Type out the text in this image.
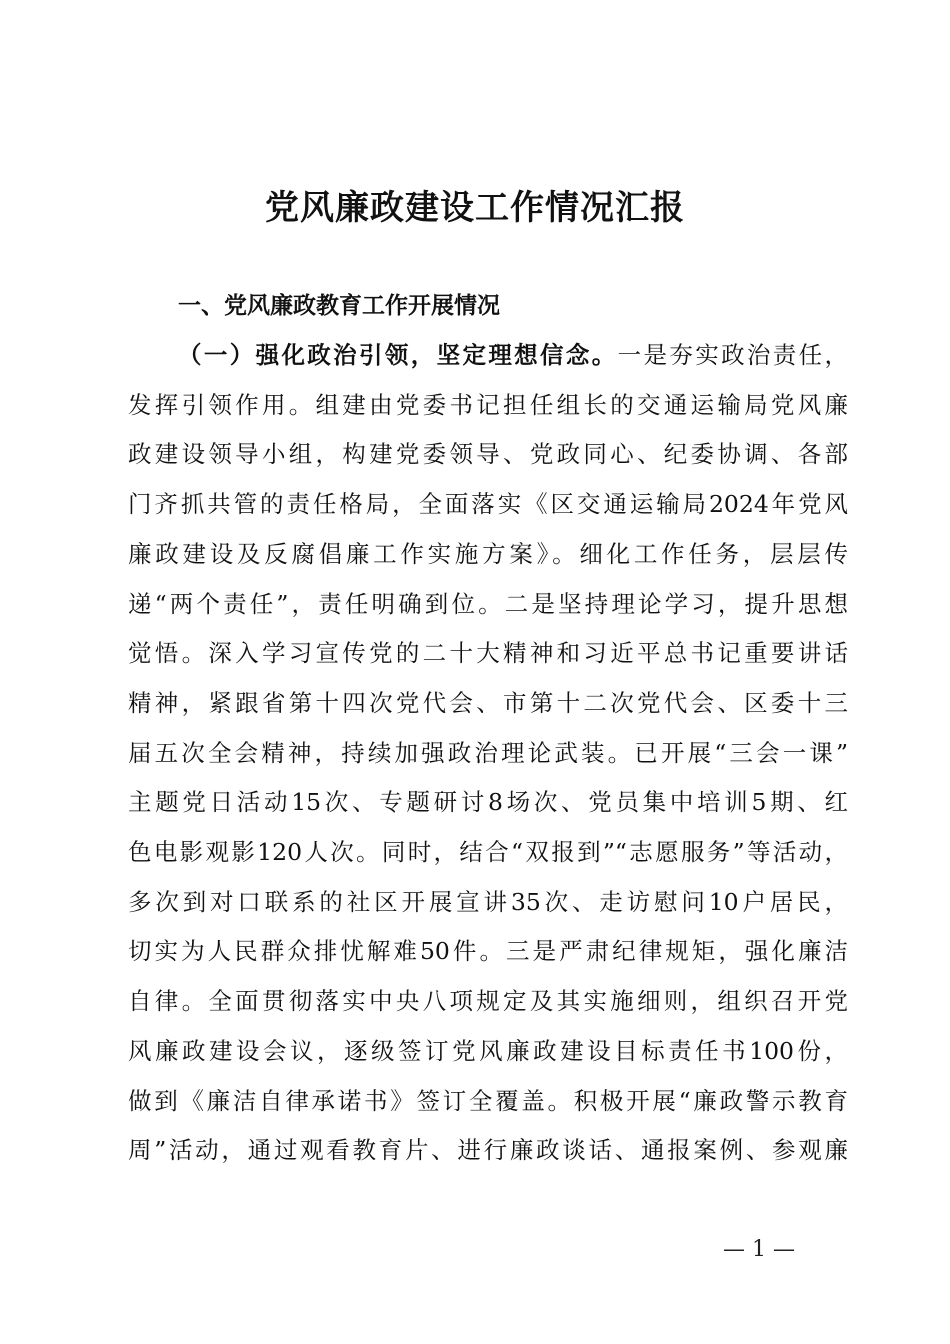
党风廉政建设工作情况汇报
一、党风廉政教育工作开展情况
（一）强化政治引领，坚定理想信念。一是夯实政治责任，
发挥引领作用。组建由党委书记担任组长的交通运输局党风廉
政建设领导小组，构建党委领导、党政同心、纪委协调、各部
门齐抓共管的责任格局，全面落实《区交通运输局2024年党风
廉政建设及反腐倡廉工作实施方案》。细化工作任务，层层传
递“两个责任”，责任明确到位。二是坚持理论学习，提升思想
觉悟。深入学习宣传党的二十大精神和习近平总书记重要讲话
精神，紧跟省第十四次党代会、市第十二次党代会、区委十三
届五次全会精神，持续加强政治理论武装。已开展“三会一课”
主题党日活动15次、专题研讨8场次、党员集中培训5期、红
色电影观影120人次。同时，结合“双报到”“志愿服务”等活动，
多次到对口联系的社区开展宣讲35次、走访慰问10户居民，
切实为人民群众排忧解难50件。三是严肃纪律规矩，强化廉洁
自律。全面贯彻落实中央八项规定及其实施细则，组织召开党
风廉政建设会议，逐级签订党风廉政建设目标责任书100份，
做到《廉洁自律承诺书》签订全覆盖。积极开展“廉政警示教育
周”活动，通过观看教育片、进行廉政谈话、通报案例、参观廉
— 1 —
